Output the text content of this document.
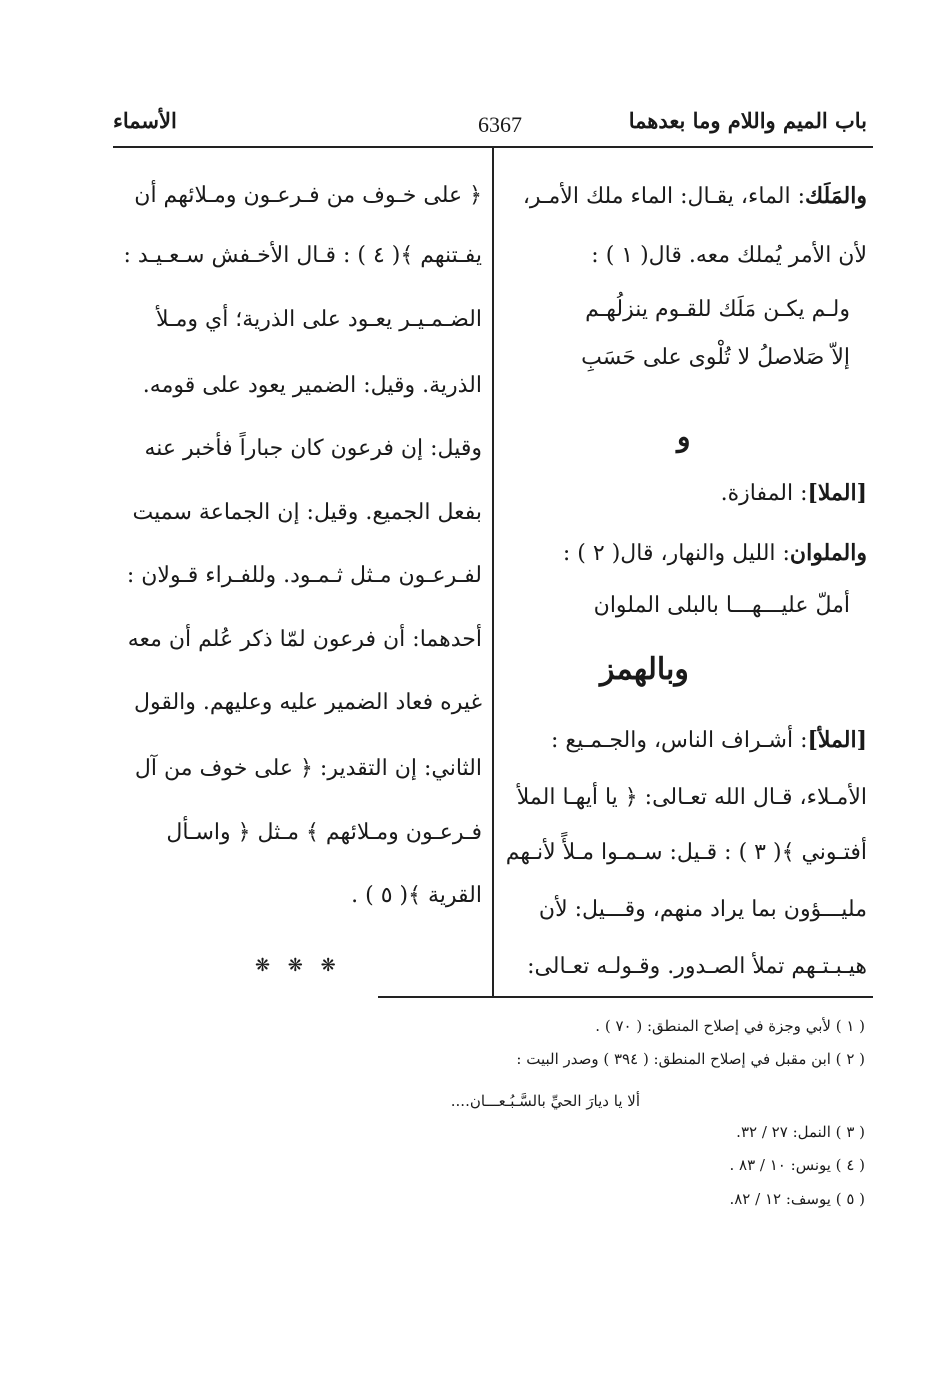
باب الميم واللام وما بعدهما
6367
الأسماء
والمَلَك: الماء، يقـال: الماء ملك الأمـر،
لأن الأمر يُملك معه. قال( ١ ) :
ولـم يكـن مَلَك للقـوم ينزلُهـم
إلاّ صَلاصلُ لا تُلْوى على حَسَبِ
و
[الملا]: المفازة.
والملوان: الليل والنهار، قال( ٢ ) :
أملّ عليـــهـــا بالبلى الملوان
وبالهمز
[الملأ]: أشـراف الناس، والجـمـيع :
الأمـلاء، قـال الله تعـالى: ﴿ يا أيهـا الملأ
أفتـوني ﴾( ٣ ) : قـيل: سـمـوا مـلأً لأنـهم
مليـــؤون بما يراد منهم، وقـــيل: لأن
هيـبـتـهم تملأ الصـدور. وقـولـه تعـالى:
﴿ على خـوف من فـرعـون ومـلائهم أن
يفـتنهم ﴾( ٤ ) : قـال الأخـفش سـعـيـد :
الضـمـيـر يعـود على الذرية؛ أي ومـلأ
الذرية. وقيل: الضمير يعود على قومه.
وقيل: إن فرعون كان جباراً فأخبر عنه
بفعل الجميع. وقيل: إن الجماعة سميت
لفـرعـون مـثل ثـمـود. وللفـراء قـولان :
أحدهما: أن فرعون لمّا ذكر عُلم أن معه
غيره فعاد الضمير عليه وعليهم. والقول
الثاني: إن التقدير: ﴿ على خوف من آل
فـرعـون ومـلائهم ﴾ مـثل ﴿ واسـأل
القرية ﴾( ٥ ) .
❋ ❋ ❋
( ١ ) لأبي وجزة في إصلاح المنطق: ( ٧٠ ) .
( ٢ ) ابن مقبل في إصلاح المنطق: ( ٣٩٤ ) وصدر البيت :
ألا يا ديارَ الحيِّ بالسَّـبُـعـــان....
( ٣ ) النمل: ٢٧ / ٣٢.
( ٤ ) يونس: ١٠ / ٨٣ .
( ٥ ) يوسف: ١٢ / ٨٢.
